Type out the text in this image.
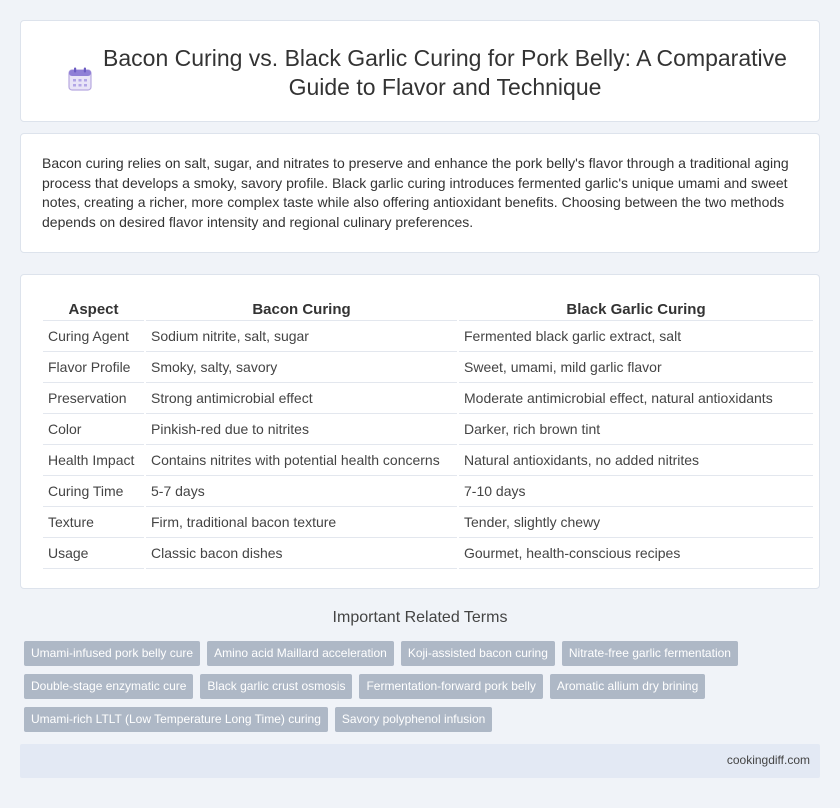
Bacon Curing vs. Black Garlic Curing for Pork Belly: A Comparative Guide to Flavor and Technique

Bacon curing relies on salt, sugar, and nitrates to preserve and enhance the pork belly's flavor through a traditional aging process that develops a smoky, savory profile. Black garlic curing introduces fermented garlic's unique umami and sweet notes, creating a richer, more complex taste while also offering antioxidant benefits. Choosing between the two methods depends on desired flavor intensity and regional culinary preferences.

Aspect	Bacon Curing	Black Garlic Curing
Curing Agent	Sodium nitrite, salt, sugar	Fermented black garlic extract, salt
Flavor Profile	Smoky, salty, savory	Sweet, umami, mild garlic flavor
Preservation	Strong antimicrobial effect	Moderate antimicrobial effect, natural antioxidants
Color	Pinkish-red due to nitrites	Darker, rich brown tint
Health Impact	Contains nitrites with potential health concerns	Natural antioxidants, no added nitrites
Curing Time	5-7 days	7-10 days
Texture	Firm, traditional bacon texture	Tender, slightly chewy
Usage	Classic bacon dishes	Gourmet, health-conscious recipes
Important Related Terms
Umami-infused pork belly cure	Amino acid Maillard acceleration	Koji-assisted bacon curing	Nitrate-free garlic fermentation
Double-stage enzymatic cure	Black garlic crust osmosis	Fermentation-forward pork belly	Aromatic allium dry brining
Umami-rich LTLT (Low Temperature Long Time) curing	Savory polyphenol infusion
cookingdiff.com
